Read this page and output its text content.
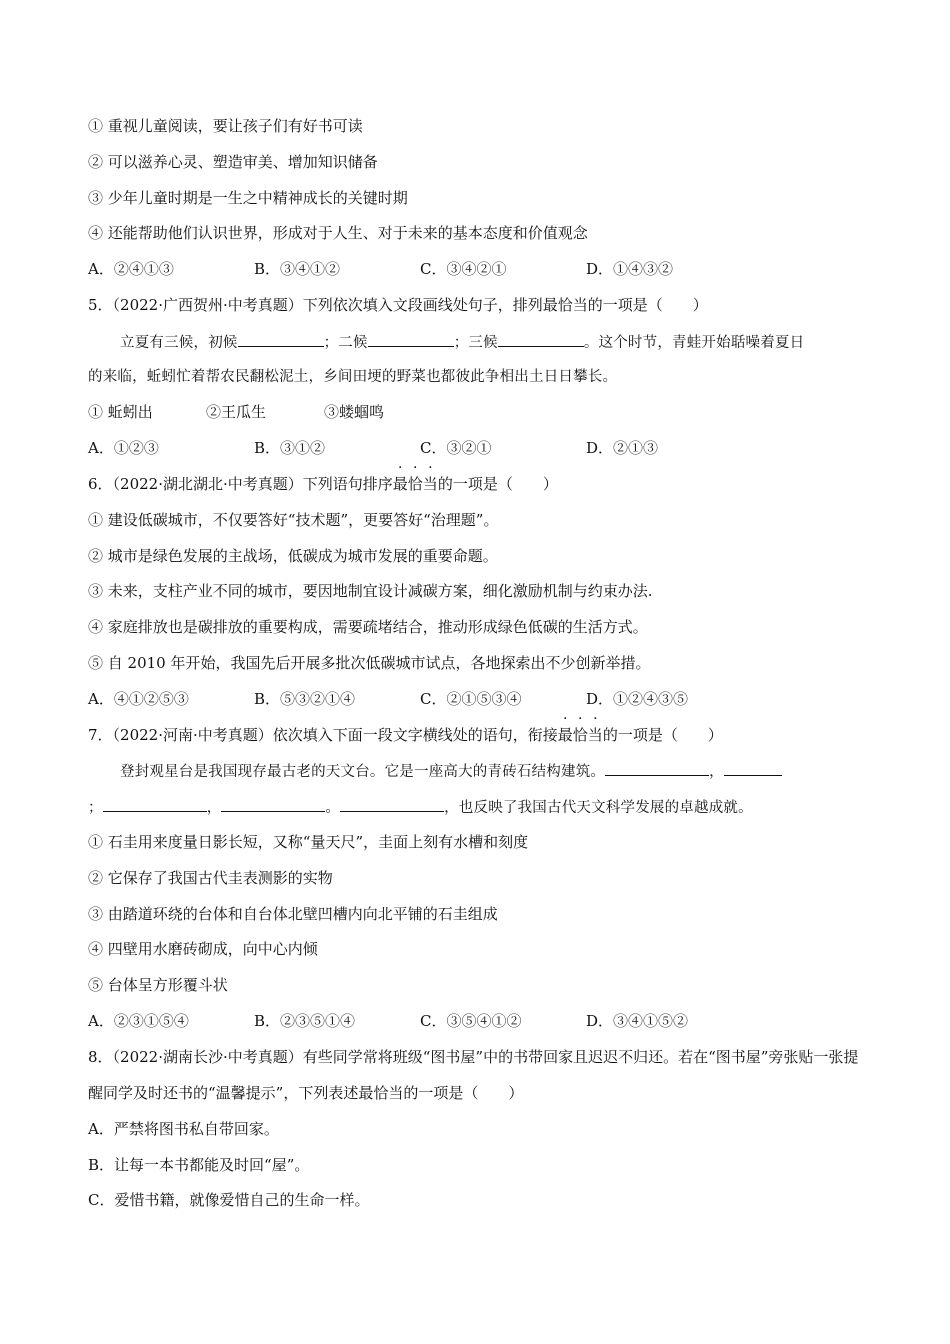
① 重视儿童阅读，要让孩子们有好书可读
② 可以滋养心灵、塑造审美、增加知识储备
③ 少年儿童时期是一生之中精神成长的关键时期
④ 还能帮助他们认识世界，形成对于人生、对于未来的基本态度和价值观念
A．②④①③	B．③④①②	C．③④②①	D．①④③②
5．（2022·广西贺州·中考真题）下列依次填入文段画线处句子，排列最恰当的一项是（　　）
立夏有三候，初候	；二候	；三候	。这个时节，青蛙开始聒噪着夏日
的来临，蚯蚓忙着帮农民翻松泥土，乡间田埂的野菜也都彼此争相出土日日攀长。
① 蚯蚓出	②王瓜生	③蝼蝈鸣
A．①②③	B．③①②	C．③②①	D．②①③
6．（2022·湖北湖北·中考真题）下列语句排序最恰当的一项是（　　）
① 建设低碳城市，不仅要答好“技术题”，更要答好“治理题”。
② 城市是绿色发展的主战场，低碳成为城市发展的重要命题。
③ 未来，支柱产业不同的城市，要因地制宜设计减碳方案，细化激励机制与约束办法.
④ 家庭排放也是碳排放的重要构成，需要疏堵结合，推动形成绿色低碳的生活方式。
⑤ 自 2010 年开始，我国先后开展多批次低碳城市试点，各地探索出不少创新举措。
A．④①②⑤③	B．⑤③②①④	C．②①⑤③④	D．①②④③⑤
7．（2022·河南·中考真题）依次填入下面一段文字横线处的语句，衔接最恰当的一项是（　　）
登封观星台是我国现存最古老的天文台。它是一座高大的青砖石结构建筑。	，
；	，	。	，也反映了我国古代天文科学发展的卓越成就。
① 石圭用来度量日影长短，又称“量天尺”，圭面上刻有水槽和刻度
② 它保存了我国古代圭表测影的实物
③ 由踏道环绕的台体和自台体北壁凹槽内向北平铺的石圭组成
④ 四壁用水磨砖砌成，向中心内倾
⑤ 台体呈方形覆斗状
A．②③①⑤④	B．②③⑤①④	C．③⑤④①②	D．③④①⑤②
8．（2022·湖南长沙·中考真题）有些同学常将班级“图书屋”中的书带回家且迟迟不归还。若在“图书屋”旁张贴一张提醒同学及时还书的“温馨提示”，下列表述最恰当的一项是（　　）
A．严禁将图书私自带回家。
B．让每一本书都能及时回“屋”。
C．爱惜书籍，就像爱惜自己的生命一样。
